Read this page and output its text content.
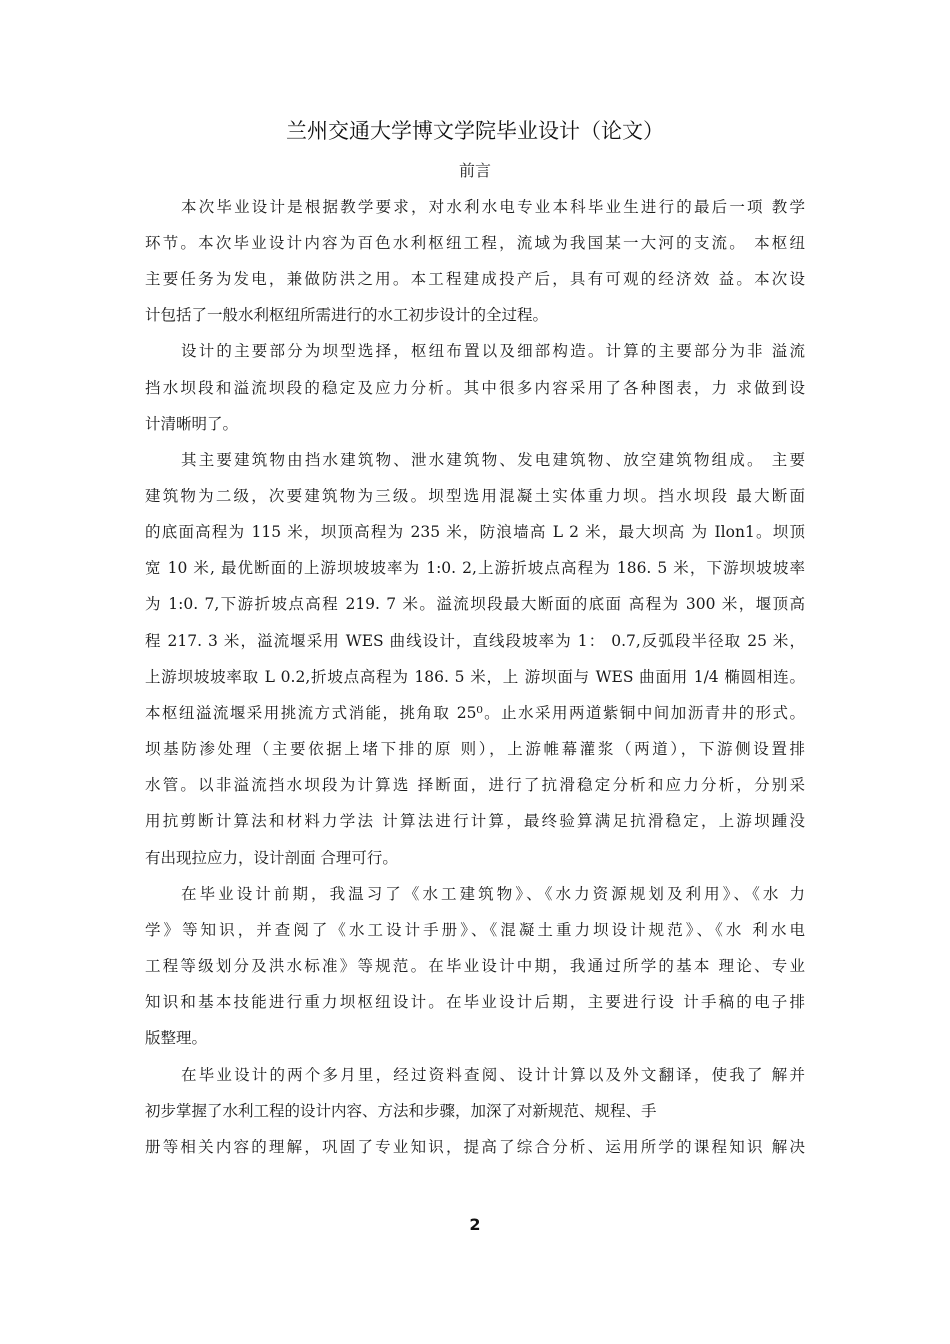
兰州交通大学博文学院毕业设计（论文）
前言
本次毕业设计是根据教学要求，对水利水电专业本科毕业生进行的最后一项 教学
环节。本次毕业设计内容为百色水利枢纽工程，流域为我国某一大河的支流。 本枢纽
主要任务为发电，兼做防洪之用。本工程建成投产后，具有可观的经济效 益。本次设
计包括了一般水利枢纽所需进行的水工初步设计的全过程。
设计的主要部分为坝型选择，枢纽布置以及细部构造。计算的主要部分为非 溢流
挡水坝段和溢流坝段的稳定及应力分析。其中很多内容采用了各种图表，力 求做到设
计清晰明了。
其主要建筑物由挡水建筑物、泄水建筑物、发电建筑物、放空建筑物组成。 主要
建筑物为二级，次要建筑物为三级。坝型选用混凝土实体重力坝。挡水坝段 最大断面
的底面高程为 115 米，坝顶高程为 235 米，防浪墙高 L 2 米，最大坝高 为 Ilon1。坝顶
宽 10 米, 最优断面的上游坝坡坡率为 1:0. 2,上游折坡点高程为 186. 5 米，下游坝坡坡率
为 1:0. 7,下游折坡点高程 219. 7 米。溢流坝段最大断面的底面 高程为 300 米，堰顶高
程 217. 3 米，溢流堰采用 WES 曲线设计，直线段坡率为 1： 0.7,反弧段半径取 25 米，
上游坝坡坡率取 L 0.2,折坡点高程为 186. 5 米，上 游坝面与 WES 曲面用 1/4 椭圆相连。
本枢纽溢流堰采用挑流方式消能，挑角取 25⁰。止水采用两道紫铜中间加沥青井的形式。
坝基防渗处理（主要依据上堵下排的原 则），上游帷幕灌浆（两道），下游侧设置排
水管。以非溢流挡水坝段为计算选 择断面，进行了抗滑稳定分析和应力分析，分别采
用抗剪断计算法和材料力学法 计算法进行计算，最终验算满足抗滑稳定，上游坝踵没
有出现拉应力，设计剖面 合理可行。
在毕业设计前期，我温习了《水工建筑物》、《水力资源规划及利用》、《水 力
学》等知识，并查阅了《水工设计手册》、《混凝土重力坝设计规范》、《水 利水电
工程等级划分及洪水标准》等规范。在毕业设计中期，我通过所学的基本 理论、专业
知识和基本技能进行重力坝枢纽设计。在毕业设计后期，主要进行设 计手稿的电子排
版整理。
在毕业设计的两个多月里，经过资料查阅、设计计算以及外文翻译，使我了 解并
初步掌握了水利工程的设计内容、方法和步骤，加深了对新规范、规程、手
册等相关内容的理解，巩固了专业知识，提高了综合分析、运用所学的课程知识 解决
2
